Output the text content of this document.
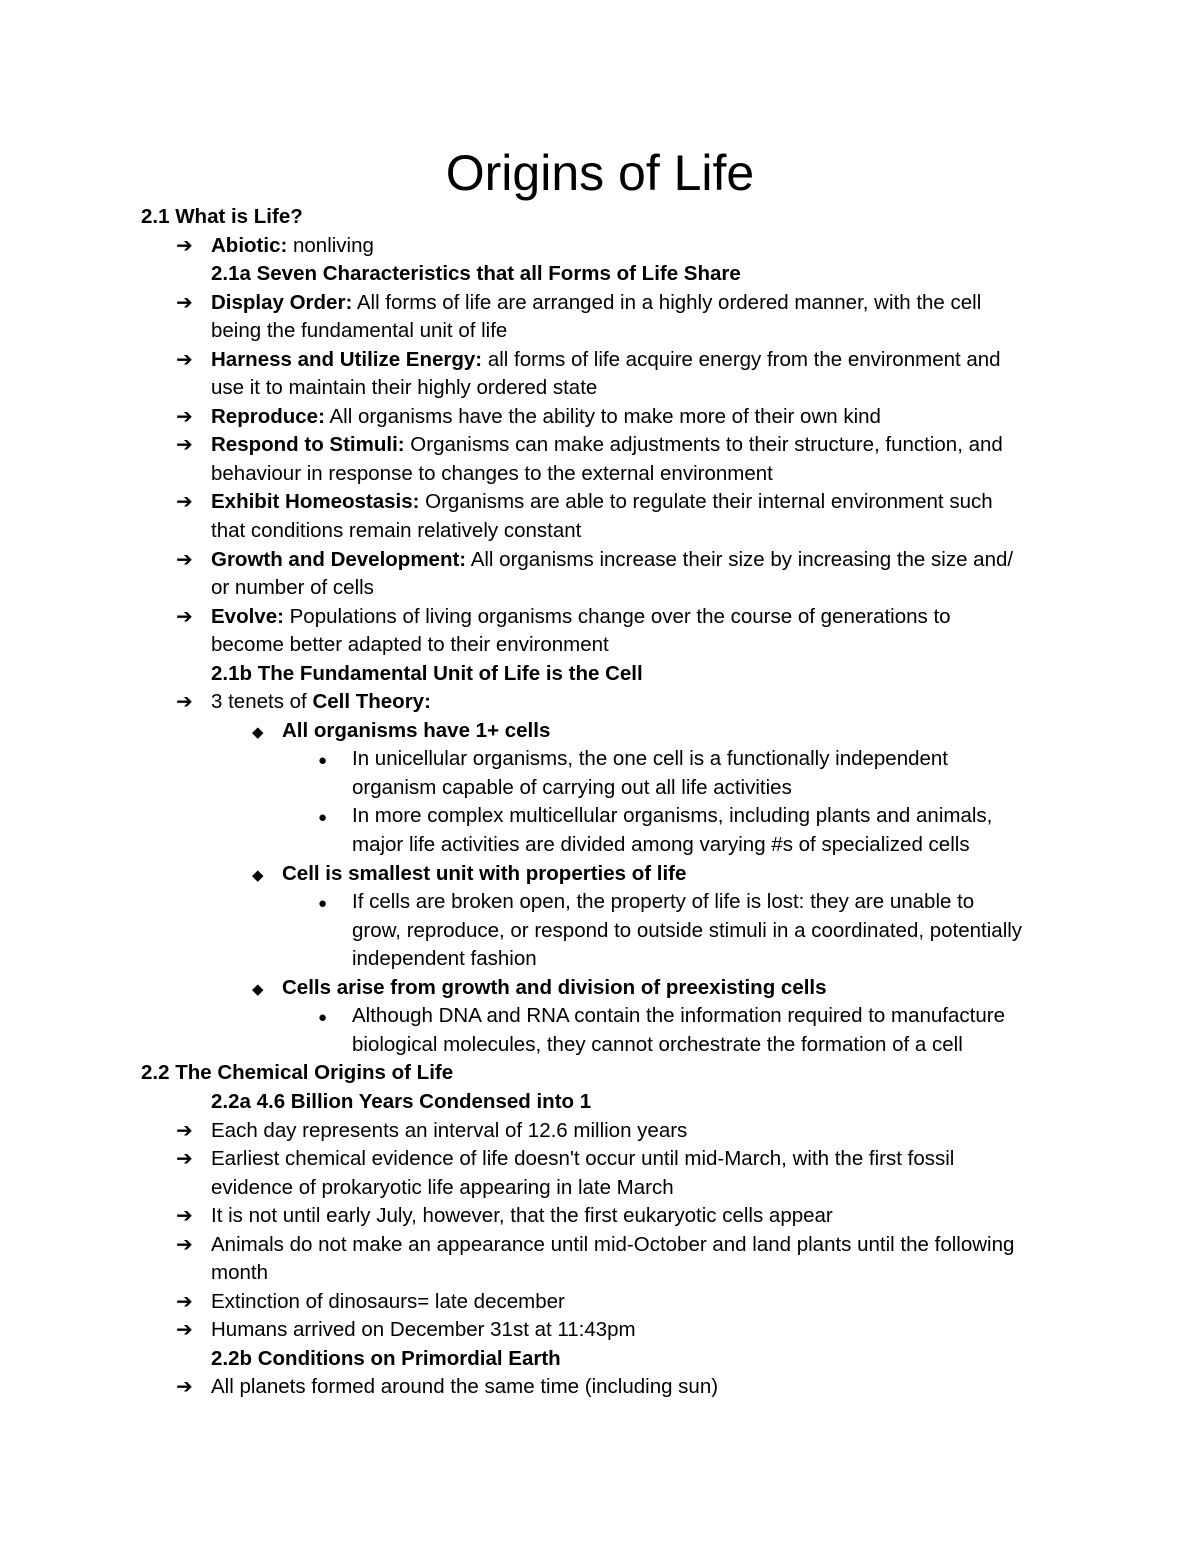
Origins of Life
2.1 What is Life?
➔ Abiotic: nonliving
2.1a Seven Characteristics that all Forms of Life Share
➔ Display Order: All forms of life are arranged in a highly ordered manner, with the cell
being the fundamental unit of life
➔ Harness and Utilize Energy: all forms of life acquire energy from the environment and
use it to maintain their highly ordered state
➔ Reproduce: All organisms have the ability to make more of their own kind
➔ Respond to Stimuli: Organisms can make adjustments to their structure, function, and
behaviour in response to changes to the external environment
➔ Exhibit Homeostasis: Organisms are able to regulate their internal environment such
that conditions remain relatively constant
➔ Growth and Development: All organisms increase their size by increasing the size and/
or number of cells
➔ Evolve: Populations of living organisms change over the course of generations to
become better adapted to their environment
2.1b The Fundamental Unit of Life is the Cell
➔ 3 tenets of Cell Theory:
◆ All organisms have 1+ cells
● In unicellular organisms, the one cell is a functionally independent
organism capable of carrying out all life activities
● In more complex multicellular organisms, including plants and animals,
major life activities are divided among varying #s of specialized cells
◆ Cell is smallest unit with properties of life
● If cells are broken open, the property of life is lost: they are unable to
grow, reproduce, or respond to outside stimuli in a coordinated, potentially
independent fashion
◆ Cells arise from growth and division of preexisting cells
● Although DNA and RNA contain the information required to manufacture
biological molecules, they cannot orchestrate the formation of a cell
2.2 The Chemical Origins of Life
2.2a 4.6 Billion Years Condensed into 1
➔ Each day represents an interval of 12.6 million years
➔ Earliest chemical evidence of life doesn't occur until mid-March, with the first fossil
evidence of prokaryotic life appearing in late March
➔ It is not until early July, however, that the first eukaryotic cells appear
➔ Animals do not make an appearance until mid-October and land plants until the following
month
➔ Extinction of dinosaurs= late december
➔ Humans arrived on December 31st at 11:43pm
2.2b Conditions on Primordial Earth
➔ All planets formed around the same time (including sun)
